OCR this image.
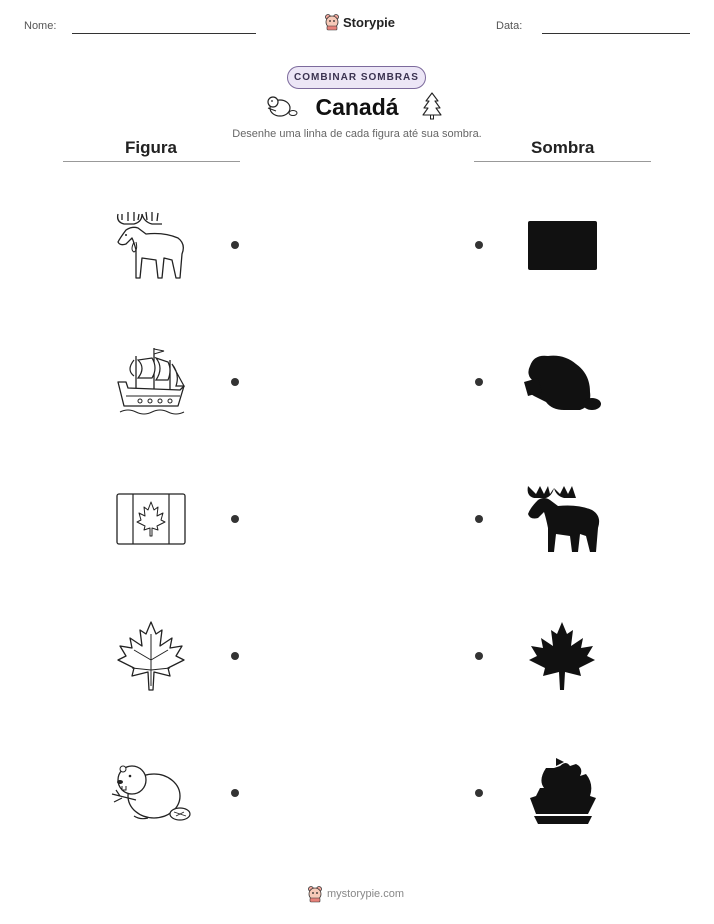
Nome:	Storypie	Data:
COMBINAR SOMBRAS
Canadá
Desenhe uma linha de cada figura até sua sombra.
Figura	Sombra
mystorypie.com
